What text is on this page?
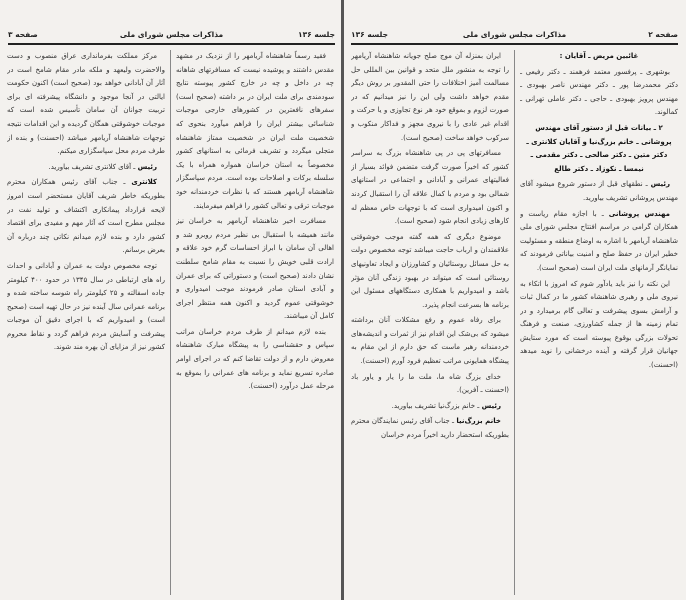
صفحه ۳	مذاکرات مجلس شورای ملی	جلسه ۱۳۶

مرکز مملکت بفرمانداری عراق منصوب و دست والاحضرت ولیعهد و ملکه مادر مقام شامخ است در آثار آن آبادانی خواهد بود (صحیح است) اکنون حکومت ایالتی در آنجا موجود و دانشگاه پیشرفته ای برای تربیت جوانان آن سامان تأسیس شده است که موجبات خوشوقتی همگان گردیده و این اقدامات نتیجه توجهات شاهنشاه آریامهر میباشد (احسنت) و بنده از طرف مردم محل سپاسگزاری میکنم.

رئیس ـ آقای کلانتری تشریف بیاورید.

کلانتری ـ جناب آقای رئیس همکاران محترم بطوریکه خاطر شریف آقایان مستحضر است امروز لایحه قرارداد پیمانکاری اکتشاف و تولید نفت در مجلس مطرح است که آثار مهم و مفیدی برای اقتصاد کشور دارد و بنده لازم میدانم نکاتی چند درباره آن بعرض برسانم.

توجه مخصوص دولت به عمران و آبادانی و احداث راه های ارتباطی در سال ۱۳۴۵ در حدود ۴۰۰ کیلومتر جاده اسفالته و ۲۵ کیلومتر راه شوسه ساخته شده و برنامه عمرانی سال آینده نیز در حال تهیه است (صحیح است) و امیدواریم که با اجرای دقیق آن موجبات پیشرفت و آسایش مردم فراهم گردد و نقاط محروم کشور نیز از مزایای آن بهره مند شوند.

فقید رسماً شاهنشاه آریامهر را از نزدیک در مشهد مقدس داشتند و پوشیده نیست که مسافرتهای شاهانه چه در داخل و چه در خارج کشور پیوسته نتایج سودمندی برای ملت ایران در بر داشته (صحیح است) سفرهای نافعترین در کشورهای خارجی موجبات شناسائی بیشتر ایران را فراهم میآورد بنحوی که شخصیت ملت ایران در شخصیت ممتاز شاهنشاه متجلی میگردد و تشریف فرمائی به استانهای کشور مخصوصاً به استان خراسان همواره همراه با یک سلسله برکات و اصلاحات بوده است. مردم سپاسگزار شاهنشاه آریامهر هستند که با نظرات خردمندانه خود موجبات ترقی و تعالی کشور را فراهم میفرمایند.

مسافرت اخیر شاهنشاه آریامهر به خراسان نیز مانند همیشه با استقبال بی نظیر مردم روبرو شد و اهالی آن سامان با ابراز احساسات گرم خود علاقه و ارادت قلبی خویش را نسبت به مقام شامخ سلطنت نشان دادند (صحیح است) و دستوراتی که برای عمران و آبادی استان صادر فرمودند موجب امیدواری و خوشوقتی عموم گردید و اکنون همه منتظر اجرای کامل آن میباشند.

بنده لازم میدانم از طرف مردم خراسان مراتب سپاس و حقشناسی را به پیشگاه مبارک شاهنشاه معروض دارم و از دولت تقاضا کنم که در اجرای اوامر صادره تسریع نماید و برنامه های عمرانی را بموقع به مرحله عمل درآورد (احسنت).

جلسه ۱۳۶	مذاکرات مجلس شورای ملی	صفحه ۲

ایران بمنزله آن موج صلح جویانه شاهنشاه آریامهر را توجه به منشور ملل متحد و قوانین بین المللی حل مسالمت آمیز اختلافات را حتی المقدور بر روش دیگر مقدم خواهد داشت ولی این را نیز میدانیم که در صورت لزوم و بموقع خود هر نوع تجاوزی و یا حرکت و اقدام غیر عادی را با نیروی مجهز و فداکار منکوب و سرکوب خواهد ساخت (صحیح است).

مسافرتهای پی در پی شاهنشاه بزرگ به سراسر کشور که اخیراً صورت گرفت متضمن فوائد بسیار از فعالیتهای عمرانی و آبادانی و اجتماعی در استانهای شمالی بود و مردم با کمال علاقه آن را استقبال کردند و اکنون امیدواری است که با توجهات خاص معظم له کارهای زیادی انجام شود (صحیح است).

موضوع دیگری که همه گفته موجب خوشوقتی علاقمندان و ارباب حاجت میباشد توجه مخصوص دولت به حل مسائل روستائیان و کشاورزان و ایجاد تعاونیهای روستائی است که میتواند در بهبود زندگی آنان مؤثر باشد و امیدواریم با همکاری دستگاههای مسئول این برنامه ها بسرعت انجام پذیرد.

برای رفاه عموم و رفع مشکلات آنان برداشته میشود که بی‌شک این اقدام نیز از ثمرات و اندیشه‌های خردمندانه رهبر ماست که حق دارم از این مقام به پیشگاه همایونی مراتب تعظیم فرود آورم (احسنت).

خدای بزرگ شاه ما، ملت ما را یار و یاور باد (احسنت ـ آفرین).

رئیس ـ خانم بزرگ‌نیا تشریف بیاورید.

خانم بزرگ‌نیا ـ جناب آقای رئیس نمایندگان محترم بطوریکه استحضار دارید اخیراً مردم خراسان

غائبین مریض ـ آقایان :

بوشهری ـ پرفسور معتمد فرهمند ـ دکتر رفیعی ـ دکتر محمدرضا پور ـ دکتر مهندس ناصر بهبودی ـ مهندس پرویز بهبودی ـ حاجی ـ دکتر عاملی تهرانی ـ کمالوند.

۲ ـ بیانات قبل از دستور آقای مهندس پروشانی ـ خانم بزرگ‌نیا و آقایان کلانتری ـ دکتر متین ـ دکتر صالحی ـ دکتر مقدمی ـ نیمسا ـ نکوزاد ـ دکتر طالع

رئیس ـ نطقهای قبل از دستور شروع میشود آقای مهندس پروشانی تشریف بیاورید.

مهندس پروشانی ـ با اجازه مقام ریاست و همکاران گرامی در مراسم افتتاح مجلس شورای ملی شاهنشاه آریامهر با اشاره به اوضاع منطقه و مسئولیت خطیر ایران در حفظ صلح و امنیت بیاناتی فرمودند که نمایانگر آرمانهای ملت ایران است (صحیح است).

این نکته را نیز باید یادآور شوم که امروز با اتکاء به نیروی ملی و رهبری شاهنشاه کشور ما در کمال ثبات و آرامش بسوی پیشرفت و تعالی گام برمیدارد و در تمام زمینه ها از جمله کشاورزی، صنعت و فرهنگ تحولات بزرگی بوقوع پیوسته است که مورد ستایش جهانیان قرار گرفته و آینده درخشانی را نوید میدهد (احسنت).
